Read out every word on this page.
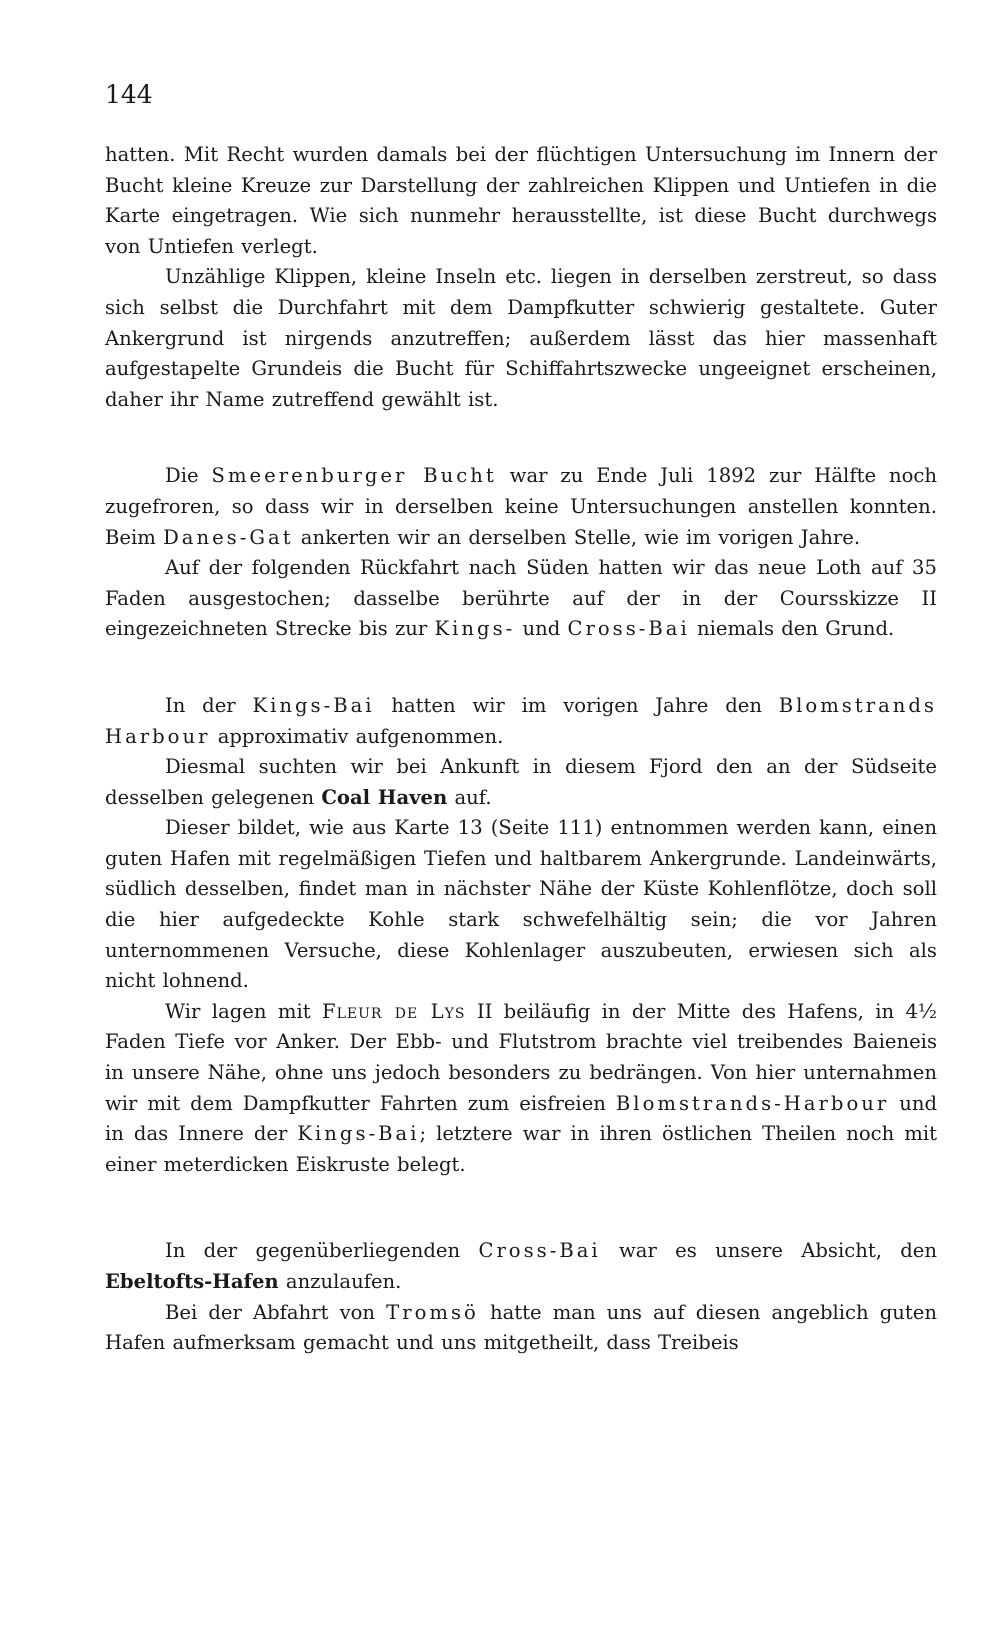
144

hatten. Mit Recht wurden damals bei der flüchtigen Untersuchung im Innern der Bucht kleine Kreuze zur Darstellung der zahlreichen Klippen und Untiefen in die Karte eingetragen. Wie sich nunmehr herausstellte, ist diese Bucht durchwegs von Untiefen verlegt.

Unzählige Klippen, kleine Inseln etc. liegen in derselben zerstreut, so dass sich selbst die Durchfahrt mit dem Dampfkutter schwierig gestaltete. Guter Ankergrund ist nirgends anzutreffen; außerdem lässt das hier massenhaft aufgestapelte Grundeis die Bucht für Schiffahrtszwecke ungeeignet erscheinen, daher ihr Name zutreffend gewählt ist.

Die Smeerenburger Bucht war zu Ende Juli 1892 zur Hälfte noch zugefroren, so dass wir in derselben keine Untersuchungen anstellen konnten. Beim Danes-Gat ankerten wir an derselben Stelle, wie im vorigen Jahre.

Auf der folgenden Rückfahrt nach Süden hatten wir das neue Loth auf 35 Faden ausgestochen; dasselbe berührte auf der in der Coursskizze II eingezeichneten Strecke bis zur Kings- und Cross-Bai niemals den Grund.

In der Kings-Bai hatten wir im vorigen Jahre den Blomstrands Harbour approximativ aufgenommen.

Diesmal suchten wir bei Ankunft in diesem Fjord den an der Südseite desselben gelegenen Coal Haven auf.

Dieser bildet, wie aus Karte 13 (Seite 111) entnommen werden kann, einen guten Hafen mit regelmäßigen Tiefen und haltbarem Ankergrunde. Landeinwärts, südlich desselben, findet man in nächster Nähe der Küste Kohlenflötze, doch soll die hier aufgedeckte Kohle stark schwefelhältig sein; die vor Jahren unternommenen Versuche, diese Kohlenlager auszubeuten, erwiesen sich als nicht lohnend.

Wir lagen mit Fleur de Lys II beiläufig in der Mitte des Hafens, in 4½ Faden Tiefe vor Anker. Der Ebb- und Flutstrom brachte viel treibendes Baieneis in unsere Nähe, ohne uns jedoch besonders zu bedrängen. Von hier unternahmen wir mit dem Dampfkutter Fahrten zum eisfreien Blomstrands-Harbour und in das Innere der Kings-Bai; letztere war in ihren östlichen Theilen noch mit einer meterdicken Eiskruste belegt.

In der gegenüberliegenden Cross-Bai war es unsere Absicht, den Ebeltofts-Hafen anzulaufen.

Bei der Abfahrt von Tromsö hatte man uns auf diesen angeblich guten Hafen aufmerksam gemacht und uns mitgetheilt, dass Treibeis
